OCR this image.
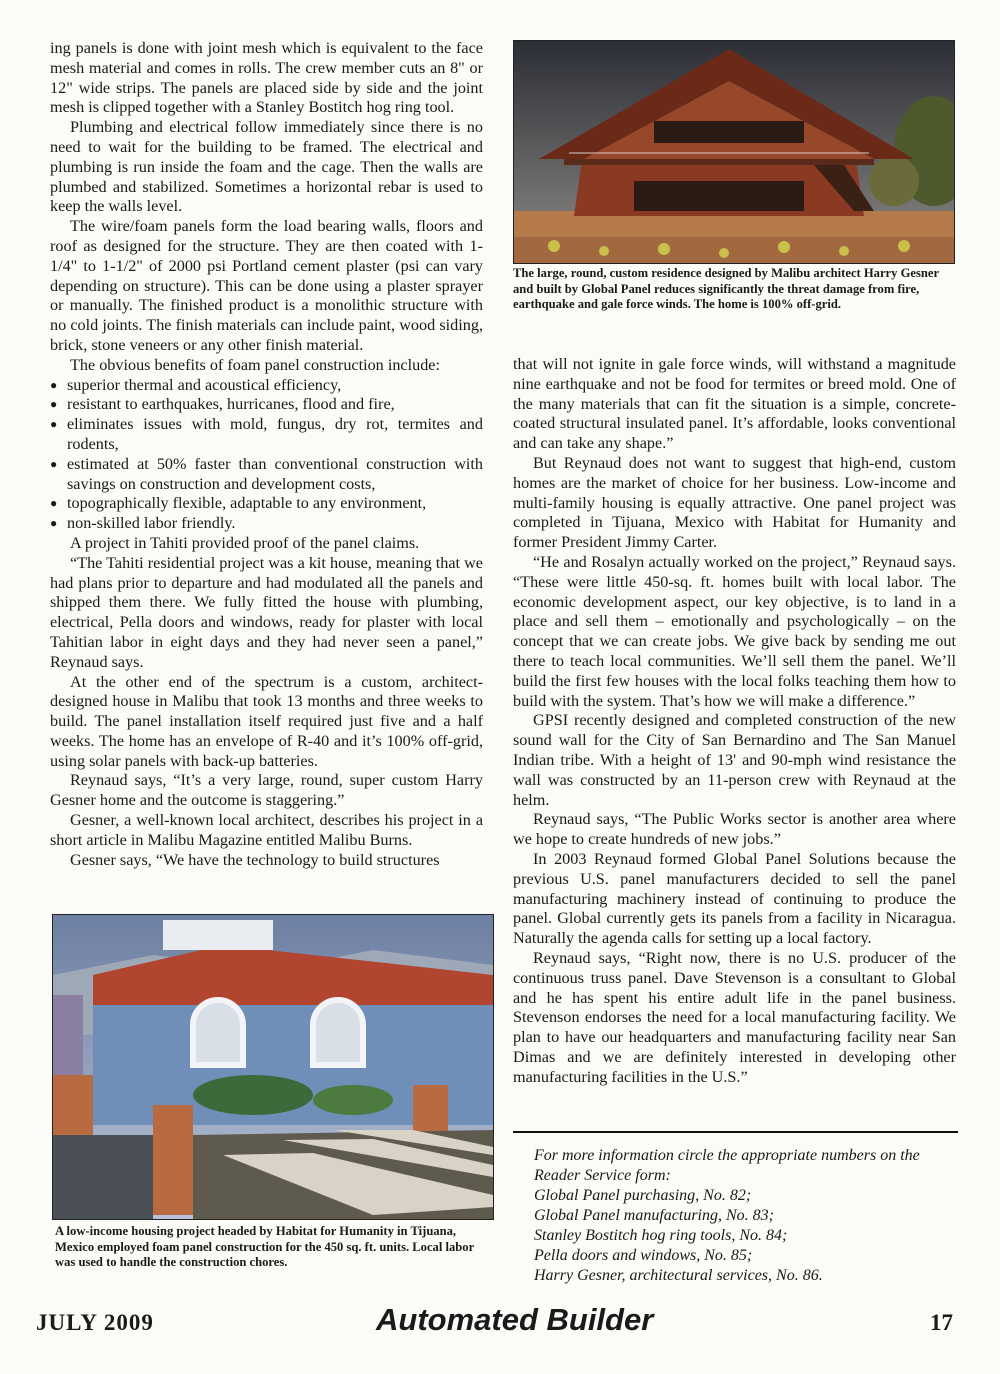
ing panels is done with joint mesh which is equivalent to the face mesh material and comes in rolls. The crew member cuts an 8" or 12" wide strips. The panels are placed side by side and the joint mesh is clipped together with a Stanley Bostitch hog ring tool.

Plumbing and electrical follow immediately since there is no need to wait for the building to be framed. The electrical and plumbing is run inside the foam and the cage. Then the walls are plumbed and stabilized. Sometimes a horizontal rebar is used to keep the walls level.

The wire/foam panels form the load bearing walls, floors and roof as designed for the structure. They are then coated with 1-1/4" to 1-1/2" of 2000 psi Portland cement plaster (psi can vary depending on structure). This can be done using a plaster sprayer or manually. The finished product is a monolithic structure with no cold joints. The finish materials can include paint, wood siding, brick, stone veneers or any other finish material.

The obvious benefits of foam panel construction include:

● superior thermal and acoustical efficiency,
● resistant to earthquakes, hurricanes, flood and fire,
● eliminates issues with mold, fungus, dry rot, termites and rodents,
● estimated at 50% faster than conventional construction with savings on construction and development costs,
● topographically flexible, adaptable to any environment,
● non-skilled labor friendly.

A project in Tahiti provided proof of the panel claims.

“The Tahiti residential project was a kit house, meaning that we had plans prior to departure and had modulated all the panels and shipped them there. We fully fitted the house with plumbing, electrical, Pella doors and windows, ready for plaster with local Tahitian labor in eight days and they had never seen a panel,” Reynaud says.

At the other end of the spectrum is a custom, architect-designed house in Malibu that took 13 months and three weeks to build. The panel installation itself required just five and a half weeks. The home has an envelope of R-40 and it’s 100% off-grid, using solar panels with back-up batteries.

Reynaud says, “It’s a very large, round, super custom Harry Gesner home and the outcome is staggering.”

Gesner, a well-known local architect, describes his project in a short article in Malibu Magazine entitled Malibu Burns.

Gesner says, “We have the technology to build structures

The large, round, custom residence designed by Malibu architect Harry Gesner and built by Global Panel reduces significantly the threat damage from fire, earthquake and gale force winds. The home is 100% off-grid.

that will not ignite in gale force winds, will withstand a magnitude nine earthquake and not be food for termites or breed mold. One of the many materials that can fit the situation is a simple, concrete-coated structural insulated panel. It’s affordable, looks conventional and can take any shape.”

But Reynaud does not want to suggest that high-end, custom homes are the market of choice for her business. Low-income and multi-family housing is equally attractive. One panel project was completed in Tijuana, Mexico with Habitat for Humanity and former President Jimmy Carter.

“He and Rosalyn actually worked on the project,” Reynaud says. “These were little 450-sq. ft. homes built with local labor. The economic development aspect, our key objective, is to land in a place and sell them – emotionally and psychologically – on the concept that we can create jobs. We give back by sending me out there to teach local communities. We’ll sell them the panel. We’ll build the first few houses with the local folks teaching them how to build with the system. That’s how we will make a difference.”

GPSI recently designed and completed construction of the new sound wall for the City of San Bernardino and The San Manuel Indian tribe. With a height of 13' and 90-mph wind resistance the wall was constructed by an 11-person crew with Reynaud at the helm.

Reynaud says, “The Public Works sector is another area where we hope to create hundreds of new jobs.”

In 2003 Reynaud formed Global Panel Solutions because the previous U.S. panel manufacturers decided to sell the panel manufacturing machinery instead of continuing to produce the panel. Global currently gets its panels from a facility in Nicaragua. Naturally the agenda calls for setting up a local factory.

Reynaud says, “Right now, there is no U.S. producer of the continuous truss panel. Dave Stevenson is a consultant to Global and he has spent his entire adult life in the panel business. Stevenson endorses the need for a local manufacturing facility. We plan to have our headquarters and manufacturing facility near San Dimas and we are definitely interested in developing other manufacturing facilities in the U.S.”

A low-income housing project headed by Habitat for Humanity in Tijuana, Mexico employed foam panel construction for the 450 sq. ft. units. Local labor was used to handle the construction chores.
For more information circle the appropriate numbers on the Reader Service form:
Global Panel purchasing, No. 82;
Global Panel manufacturing, No. 83;
Stanley Bostitch hog ring tools, No. 84;
Pella doors and windows, No. 85;
Harry Gesner, architectural services, No. 86.
JULY 2009	Automated Builder	17
